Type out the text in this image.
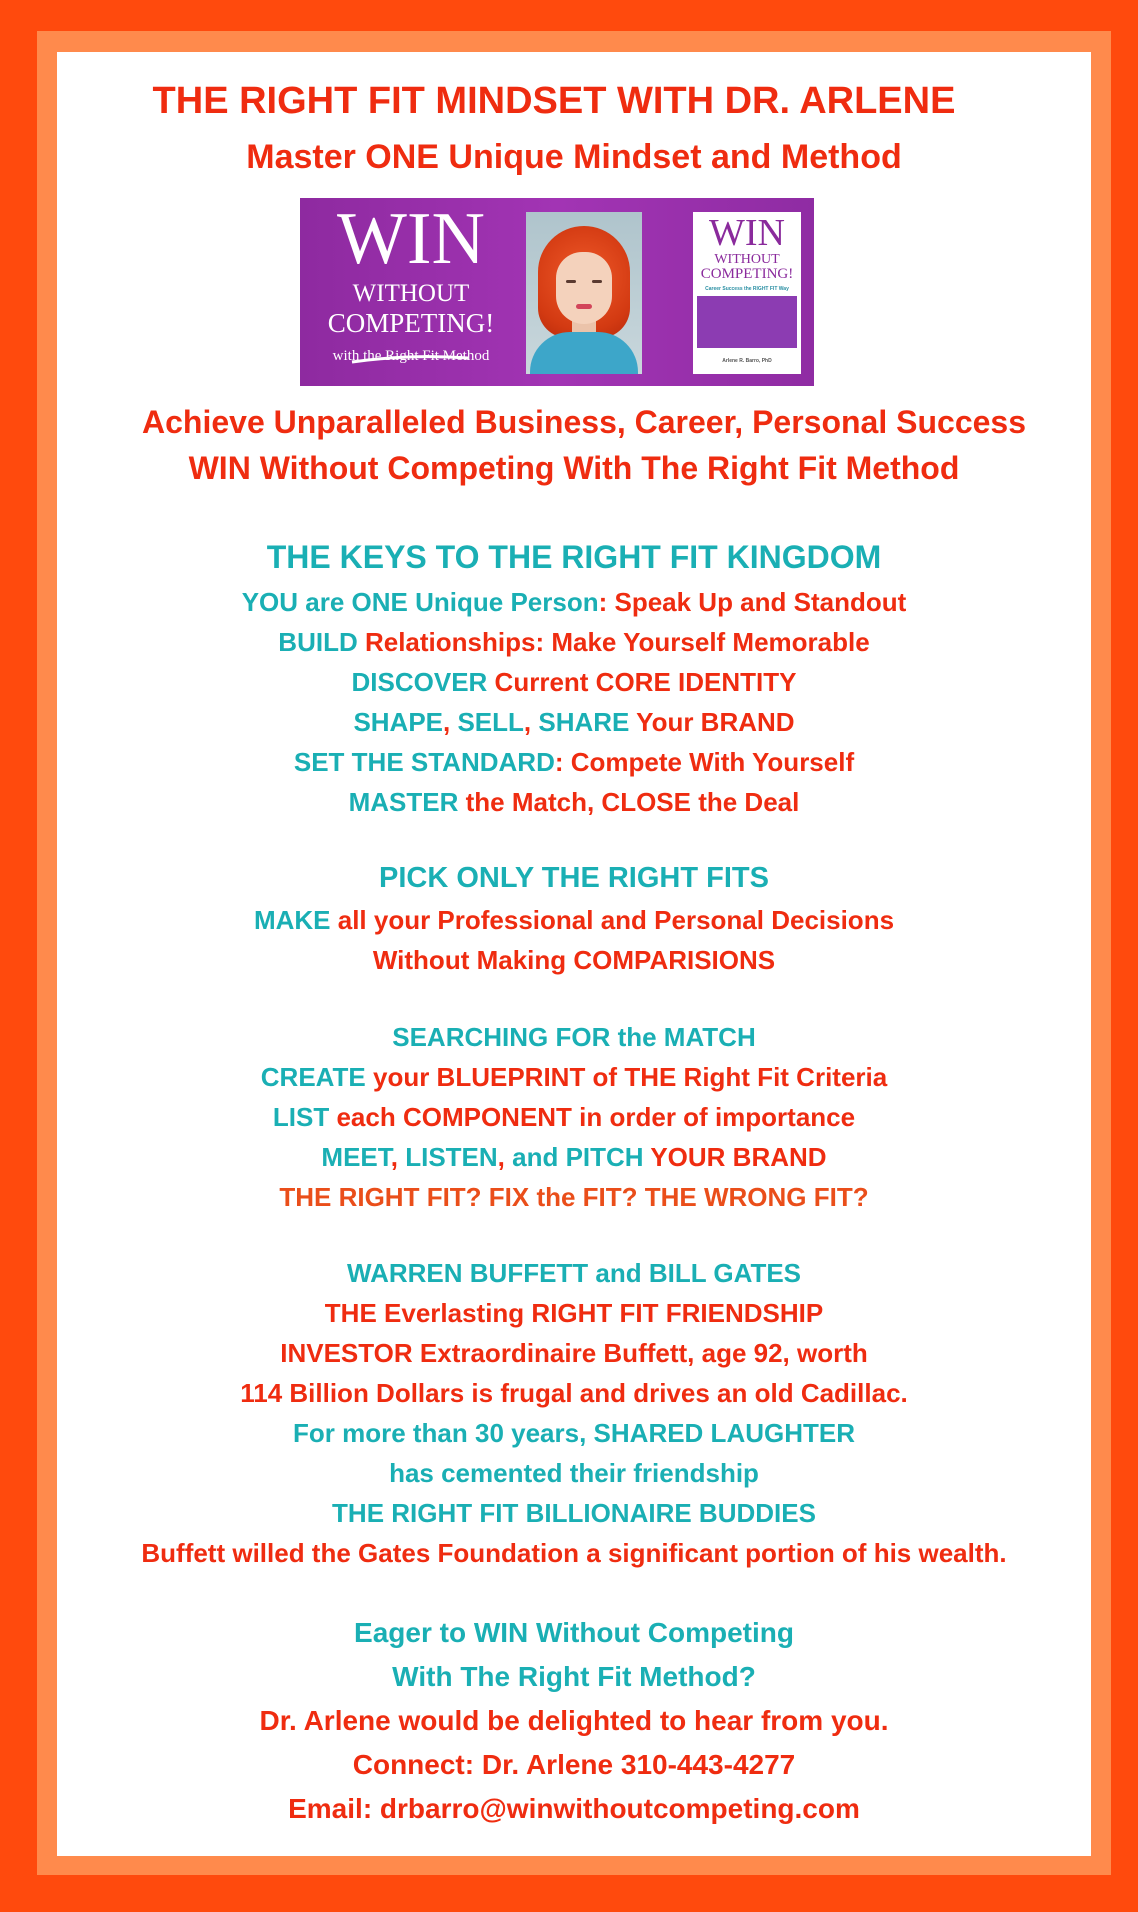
THE RIGHT FIT MINDSET WITH DR. ARLENE
Master ONE Unique Mindset and Method
WIN
WITHOUT
COMPETING!
with the Right Fit Method
WIN
WITHOUT
COMPETING!
Career Success the RIGHT FIT Way
Arlene R. Barro, PhD
Achieve Unparalleled Business, Career, Personal Success
WIN Without Competing With The Right Fit Method
THE KEYS TO THE RIGHT FIT KINGDOM
YOU are ONE Unique Person: Speak Up and Standout
BUILD Relationships: Make Yourself Memorable
DISCOVER Current CORE IDENTITY
SHAPE, SELL, SHARE Your BRAND
SET THE STANDARD: Compete With Yourself
MASTER the Match, CLOSE the Deal
PICK ONLY THE RIGHT FITS
MAKE all your Professional and Personal Decisions
Without Making COMPARISIONS
SEARCHING FOR the MATCH
CREATE your BLUEPRINT of THE Right Fit Criteria
LIST each COMPONENT in order of importance
MEET, LISTEN, and PITCH YOUR BRAND
THE RIGHT FIT? FIX the FIT? THE WRONG FIT?
WARREN BUFFETT and BILL GATES
THE Everlasting RIGHT FIT FRIENDSHIP
INVESTOR Extraordinaire Buffett, age 92, worth
114 Billion Dollars is frugal and drives an old Cadillac.
For more than 30 years, SHARED LAUGHTER
has cemented their friendship
THE RIGHT FIT BILLIONAIRE BUDDIES
Buffett willed the Gates Foundation a significant portion of his wealth.
Eager to WIN Without Competing
With The Right Fit Method?
Dr. Arlene would be delighted to hear from you.
Connect: Dr. Arlene 310-443-4277
Email: drbarro@winwithoutcompeting.com
